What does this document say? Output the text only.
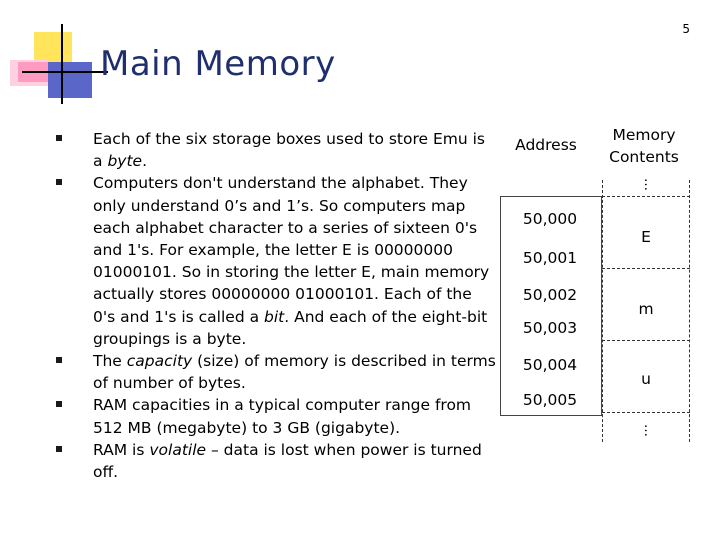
5
Main Memory
Each of the six storage boxes used to store Emu is a byte.
Computers don't understand the alphabet. They only understand 0’s and 1’s. So computers map each alphabet character to a series of sixteen 0's and 1's. For example, the letter E is 00000000 01000101. So in storing the letter E, main memory actually stores 00000000 01000101. Each of the 0's and 1's is called a bit. And each of the eight-bit groupings is a byte.
The capacity (size) of memory is described in terms of number of bytes.
RAM capacities in a typical computer range from 512 MB (megabyte) to 3 GB (gigabyte).
RAM is volatile – data is lost when power is turned off.
Address
Memory
Contents
50,000
50,001
50,002
50,003
50,004
50,005
E
m
u
…
…
